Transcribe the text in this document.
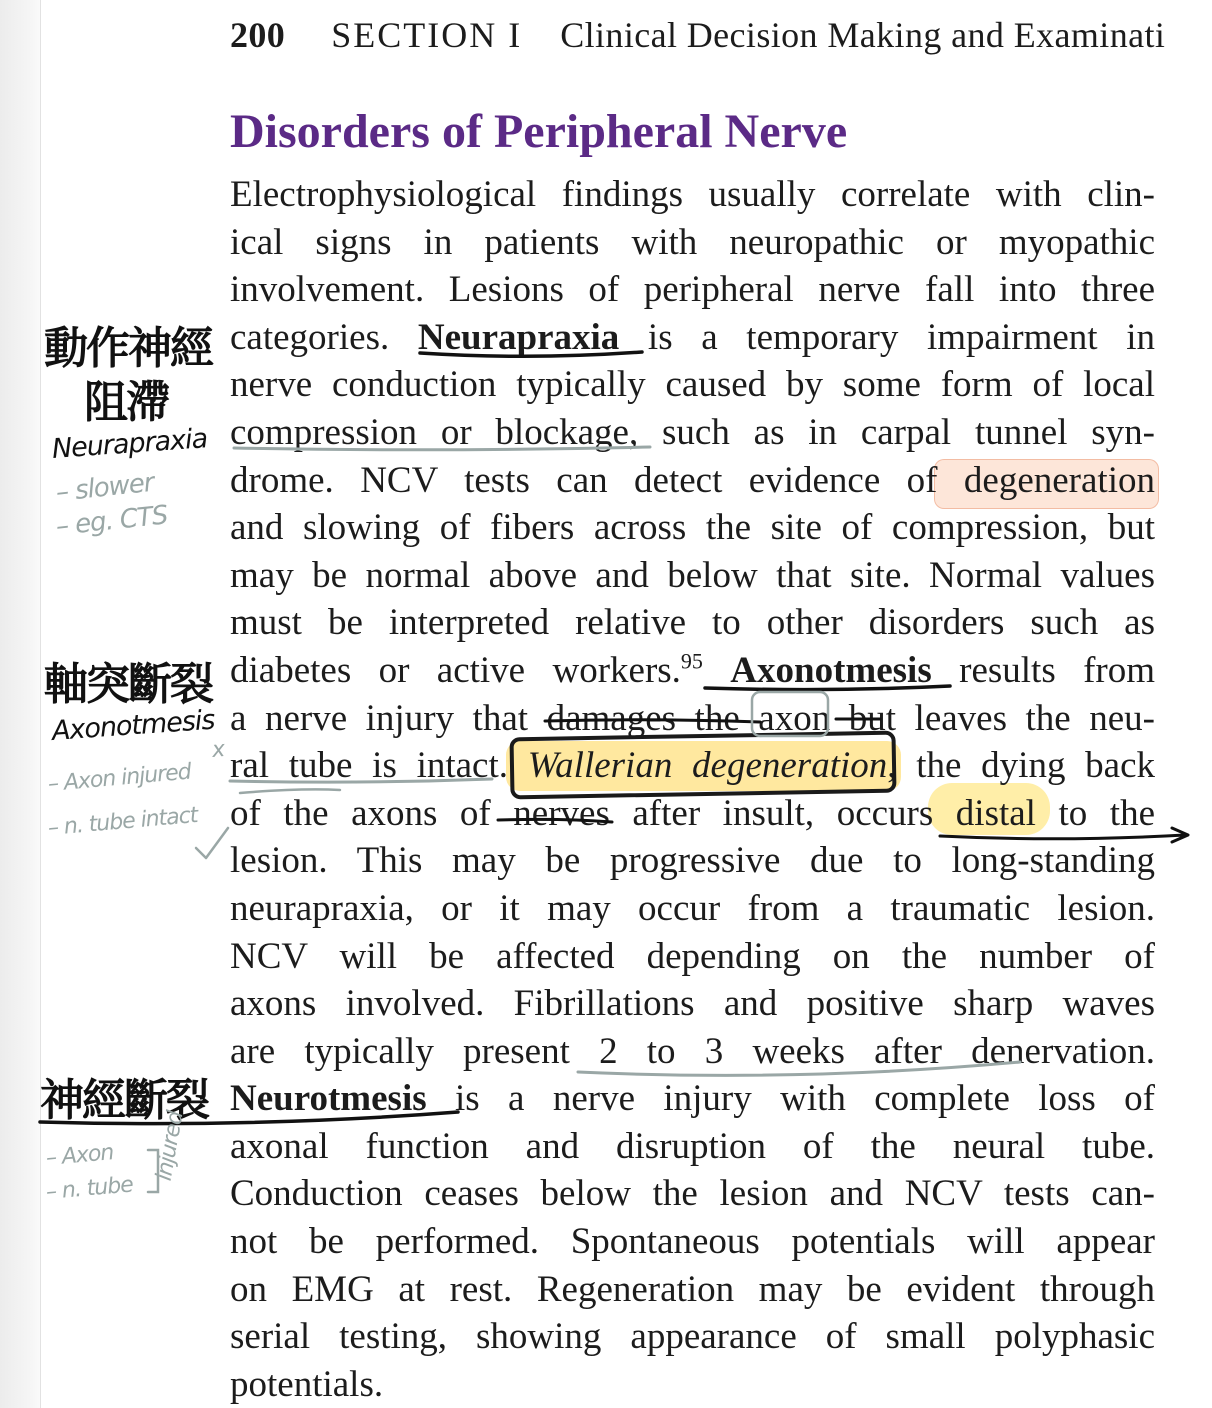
200 SECTION I Clinical Decision Making and Examinati
Disorders of Peripheral Nerve
Electrophysiological findings usually correlate with clin-
ical signs in patients with neuropathic or myopathic
involvement. Lesions of peripheral nerve fall into three
categories. Neurapraxia is a temporary impairment in
nerve conduction typically caused by some form of local
compression or blockage, such as in carpal tunnel syn-
drome. NCV tests can detect evidence of degeneration
and slowing of fibers across the site of compression, but
may be normal above and below that site. Normal values
must be interpreted relative to other disorders such as
diabetes or active workers.$^{95}$ Axonotmesis results from
a nerve injury that damages the axon but leaves the neu-
ral tube is intact. Wallerian degeneration, the dying back
of the axons of nerves after insult, occurs distal to the
lesion. This may be progressive due to long-standing
neurapraxia, or it may occur from a traumatic lesion.
NCV will be affected depending on the number of
axons involved. Fibrillations and positive sharp waves
are typically present 2 to 3 weeks after denervation.
Neurotmesis is a nerve injury with complete loss of
axonal function and disruption of the neural tube.
Conduction ceases below the lesion and NCV tests can-
not be performed. Spontaneous potentials will appear
on EMG at rest. Regeneration may be evident through
serial testing, showing appearance of small polyphasic
potentials.
動作神經
阻滯
Neurapraxia
– slower
– eg. CTS
軸突斷裂
Axonotmesis
– Axon injured
x
– n. tube intact
神經斷裂
– Axon
– n. tube
injured
